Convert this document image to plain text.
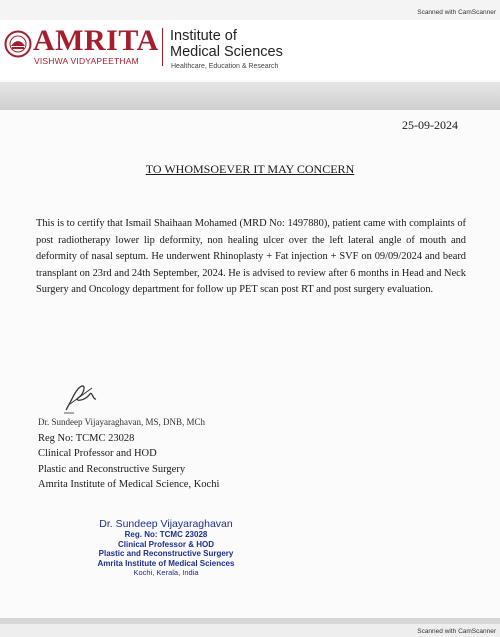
Scanned with CamScanner
AMRITA
VISHWA VIDYAPEETHAM
Institute of
Medical Sciences
Healthcare, Education & Research
25-09-2024
TO WHOMSOEVER IT MAY CONCERN
This is to certify that Ismail Shaihaan Mohamed (MRD No: 1497880), patient came with complaints of post radiotherapy lower lip deformity, non healing ulcer over the left lateral angle of mouth and deformity of nasal septum. He underwent Rhinoplasty + Fat injection + SVF on 09/09/2024 and beard transplant on 23rd and 24th September, 2024. He is advised to review after 6 months in Head and Neck Surgery and Oncology department for follow up PET scan post RT and post surgery evaluation.
Dr. Sundeep Vijayaraghavan, MS, DNB, MCh
Reg No: TCMC 23028
Clinical Professor and HOD
Plastic and Reconstructive Surgery
Amrita Institute of Medical Science, Kochi
Dr. Sundeep Vijayaraghavan
Reg. No: TCMC 23028
Clinical Professor & HOD
Plastic and Reconstructive Surgery
Amrita Institute of Medical Sciences
Kochi, Kerala, India
Scanned with CamScanner
